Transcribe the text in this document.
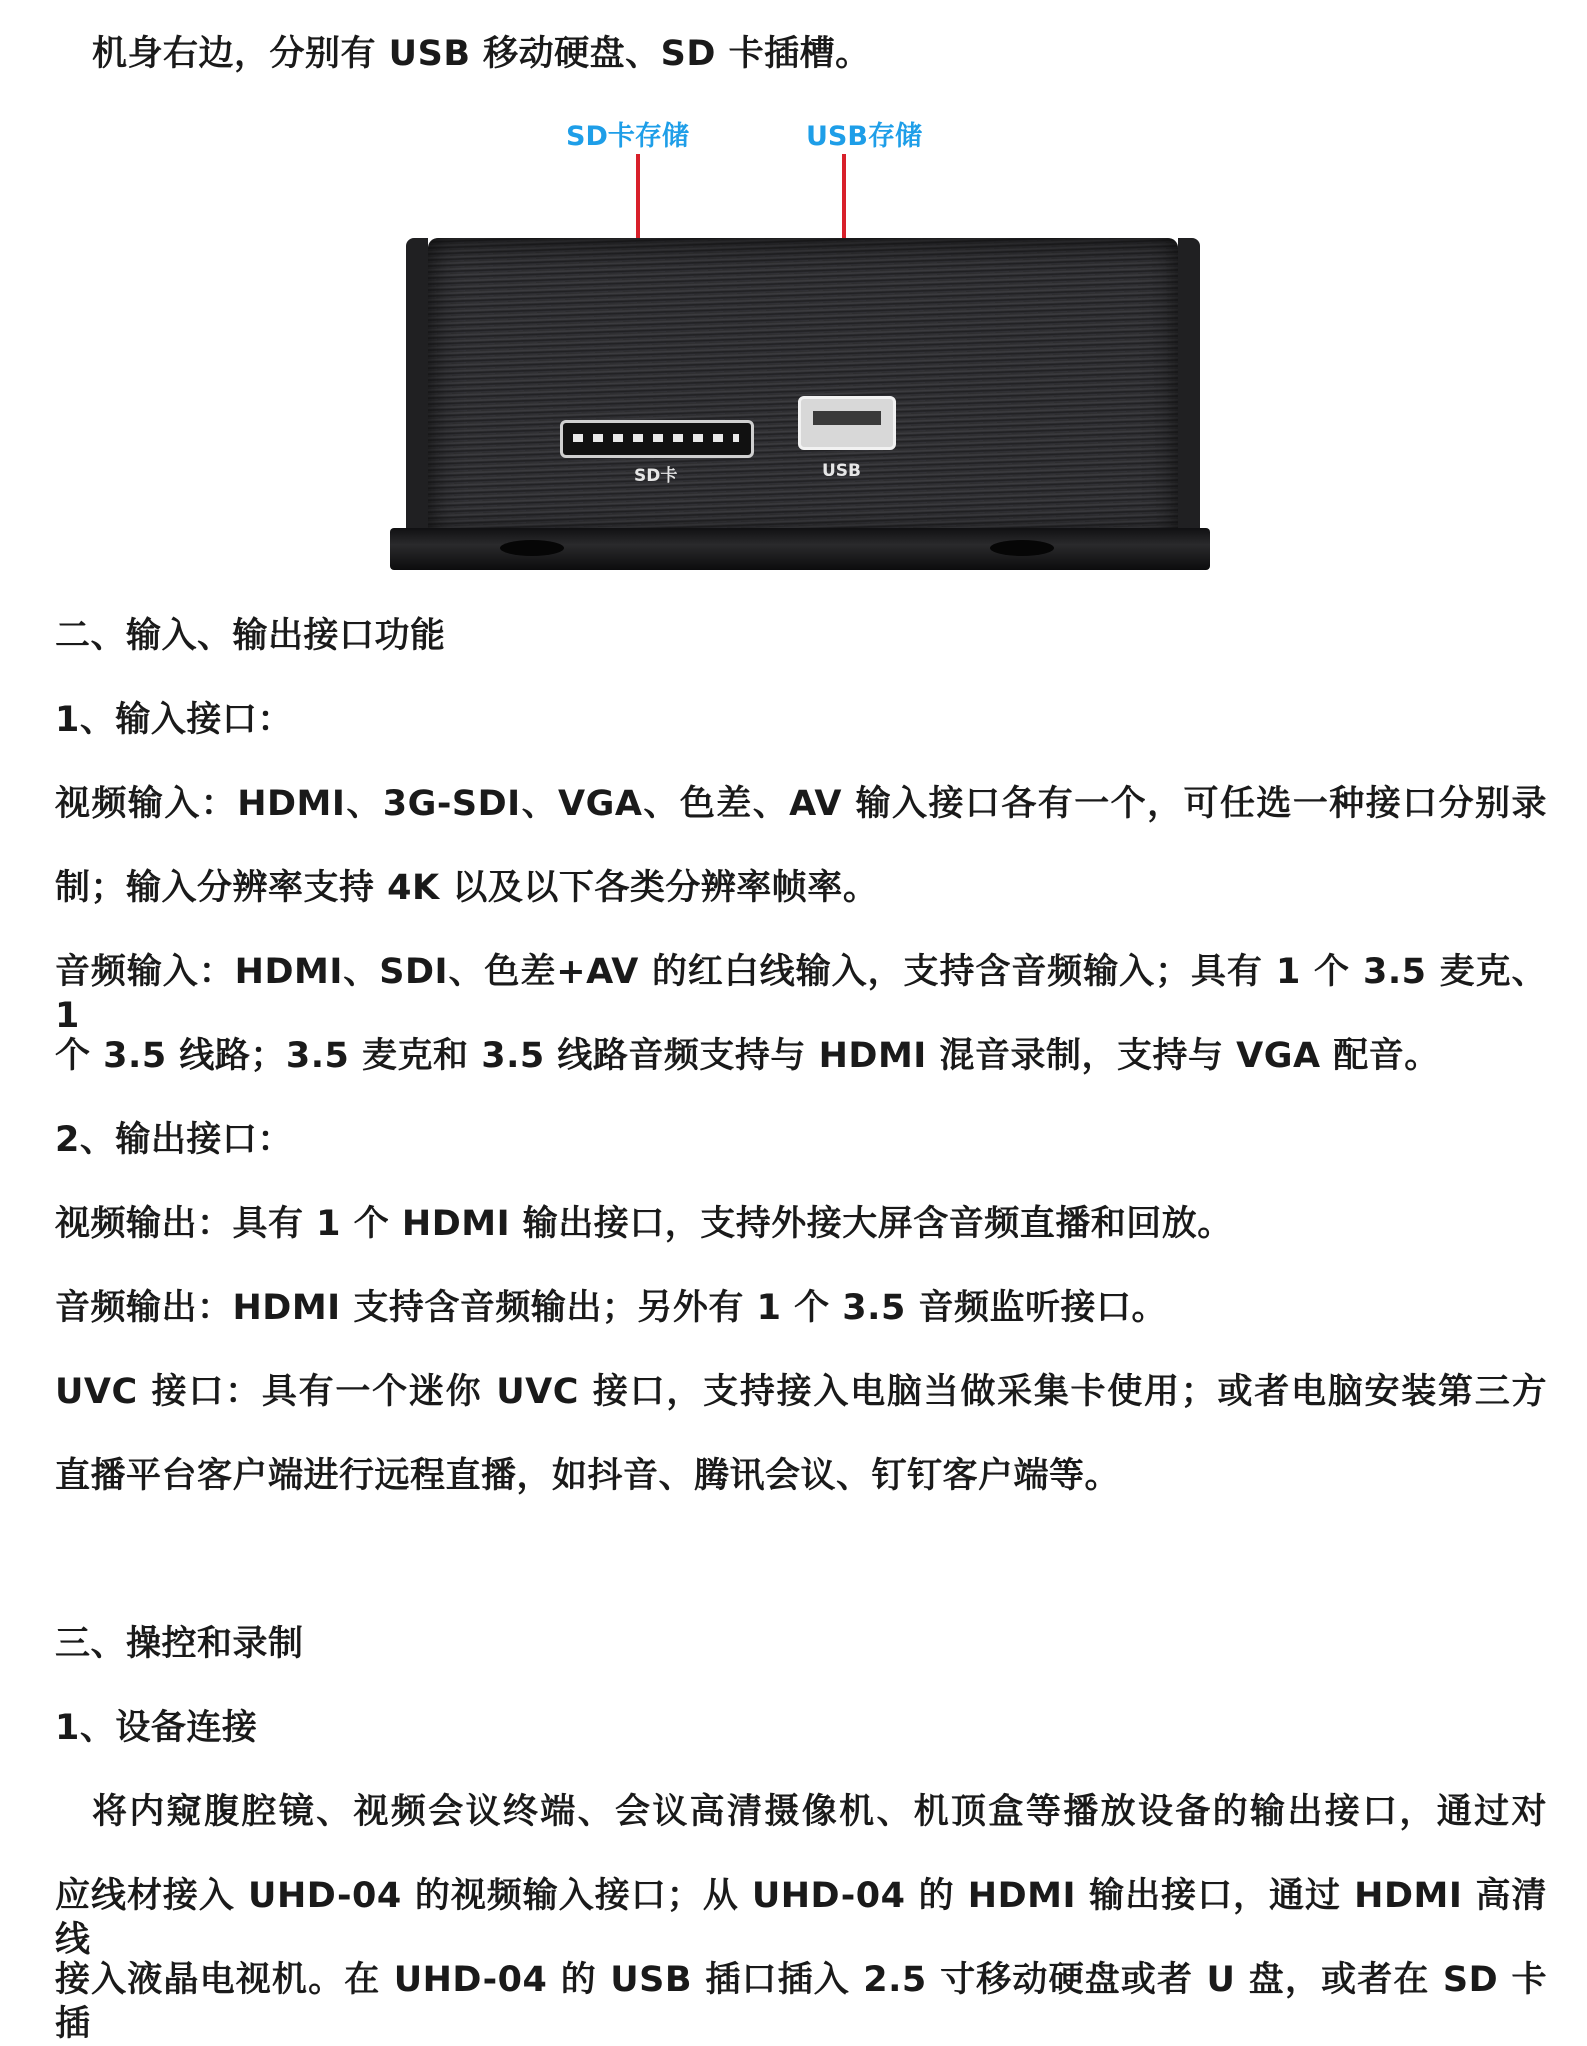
机身右边，分别有 USB 移动硬盘、SD 卡插槽。
SD卡存储	USB存储
SD卡	USB
二、输入、输出接口功能
1、输入接口：
视频输入：HDMI、3G-SDI、VGA、色差、AV 输入接口各有一个，可任选一种接口分别录
制；输入分辨率支持 4K 以及以下各类分辨率帧率。
音频输入：HDMI、SDI、色差+AV 的红白线输入，支持含音频输入；具有 1 个 3.5 麦克、1
个 3.5 线路；3.5 麦克和 3.5 线路音频支持与 HDMI 混音录制，支持与 VGA 配音。
2、输出接口：
视频输出：具有 1 个 HDMI 输出接口，支持外接大屏含音频直播和回放。
音频输出：HDMI 支持含音频输出；另外有 1 个 3.5 音频监听接口。
UVC 接口：具有一个迷你 UVC 接口，支持接入电脑当做采集卡使用；或者电脑安装第三方
直播平台客户端进行远程直播，如抖音、腾讯会议、钉钉客户端等。
三、操控和录制
1、设备连接
将内窥腹腔镜、视频会议终端、会议高清摄像机、机顶盒等播放设备的输出接口，通过对
应线材接入 UHD-04 的视频输入接口；从 UHD-04 的 HDMI 输出接口，通过 HDMI 高清线
接入液晶电视机。在 UHD-04 的 USB 插口插入 2.5 寸移动硬盘或者 U 盘，或者在 SD 卡插
